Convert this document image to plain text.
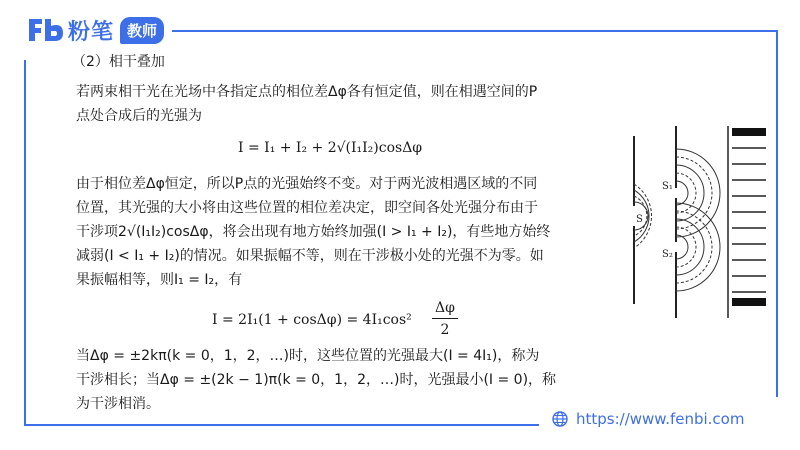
粉笔 教师
（2）相干叠加
若两束相干光在光场中各指定点的相位差Δφ各有恒定值，则在相遇空间的P
点处合成后的光强为
I = I₁ + I₂ + 2√(I₁I₂)cosΔφ
由于相位差Δφ恒定，所以P点的光强始终不变。对于两光波相遇区域的不同
位置，其光强的大小将由这些位置的相位差决定，即空间各处光强分布由于
干涉项2√(I₁I₂)cosΔφ，将会出现有地方始终加强(I > I₁ + I₂)，有些地方始终
减弱(I < I₁ + I₂)的情况。如果振幅不等，则在干涉极小处的光强不为零。如
果振幅相等，则I₁ = I₂，有
I = 2I₁(1 + cosΔφ) = 4I₁cos²
Δφ
2
当Δφ = ±2kπ(k = 0，1，2，…)时，这些位置的光强最大(I = 4I₁)，称为
干涉相长；当Δφ = ±(2k − 1)π(k = 0，1，2，…)时，光强最小(I = 0)，称
为干涉相消。
S
S₁
S₂
https://www.fenbi.com
